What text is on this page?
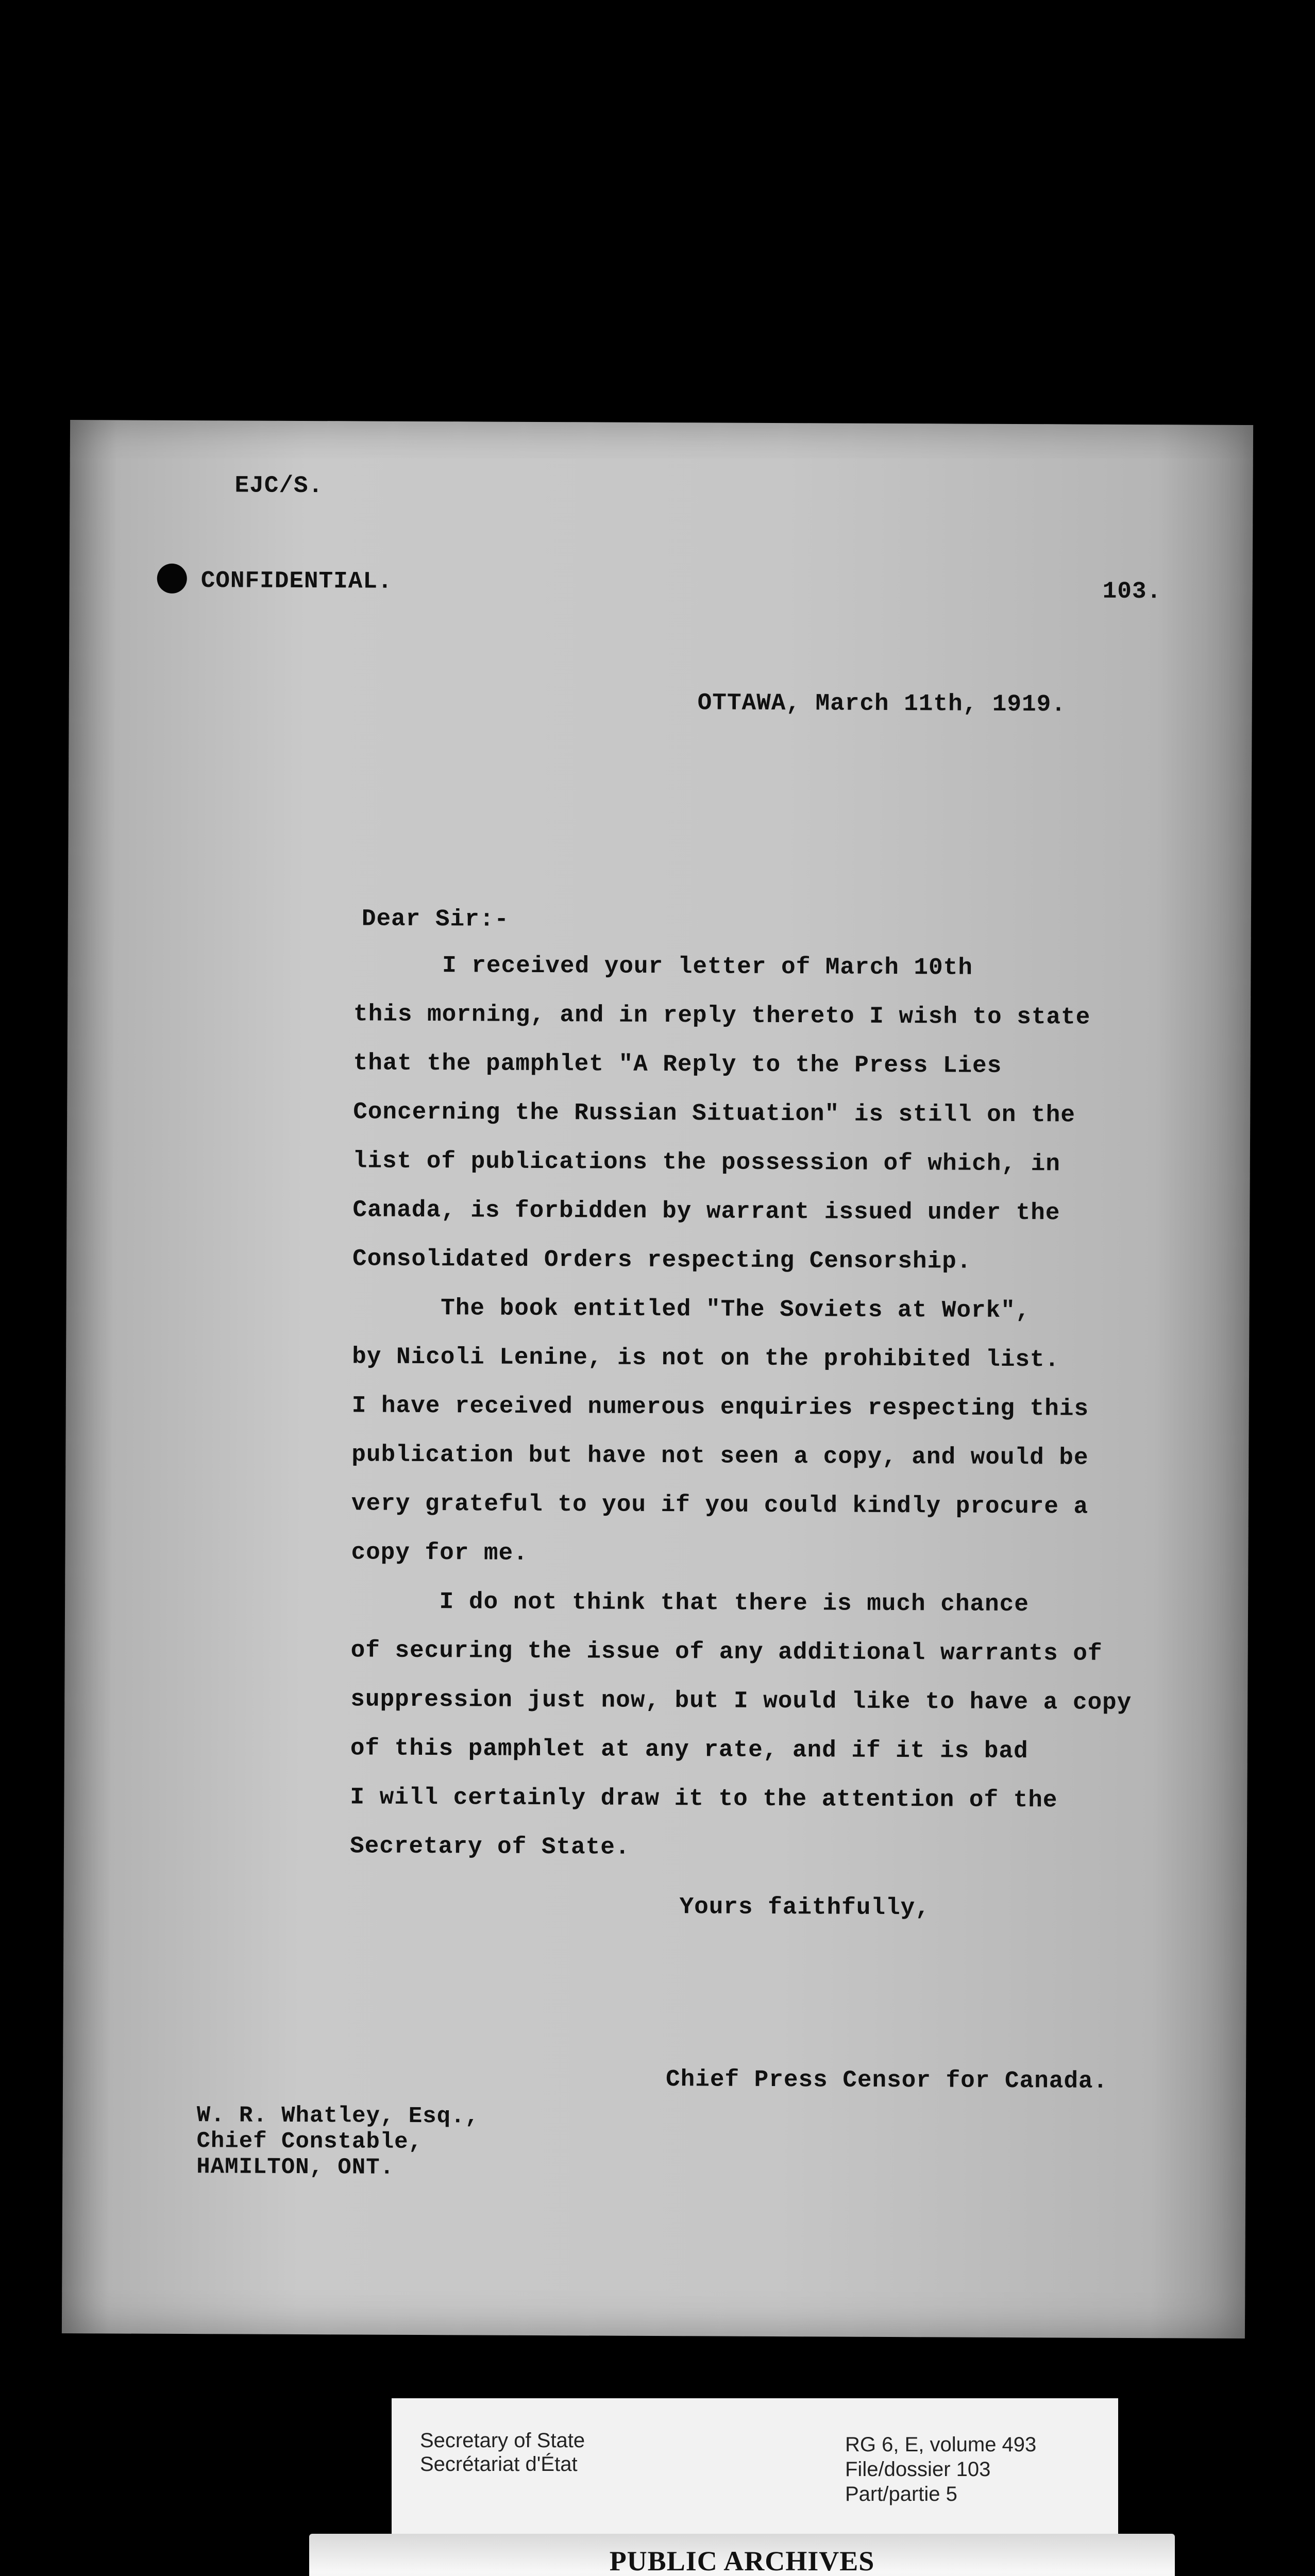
EJC/S.
CONFIDENTIAL.	103.
OTTAWA, March 11th, 1919.
Dear Sir:-
I received your letter of March 10th
this morning, and in reply thereto I wish to state
that the pamphlet "A Reply to the Press Lies
Concerning the Russian Situation" is still on the
list of publications the possession of which, in
Canada, is forbidden by warrant issued under the
Consolidated Orders respecting Censorship.
The book entitled "The Soviets at Work",
by Nicoli Lenine, is not on the prohibited list.
I have received numerous enquiries respecting this
publication but have not seen a copy, and would be
very grateful to you if you could kindly procure a
copy for me.
I do not think that there is much chance
of securing the issue of any additional warrants of
suppression just now, but I would like to have a copy
of this pamphlet at any rate, and if it is bad
I will certainly draw it to the attention of the
Secretary of State.
Yours faithfully,
Chief Press Censor for Canada.
W. R. Whatley, Esq.,
Chief Constable,
HAMILTON, ONT.
Secretary of State
Secrétariat d'État
RG 6, E, volume 493
File/dossier 103
Part/partie 5
PUBLIC ARCHIVES
